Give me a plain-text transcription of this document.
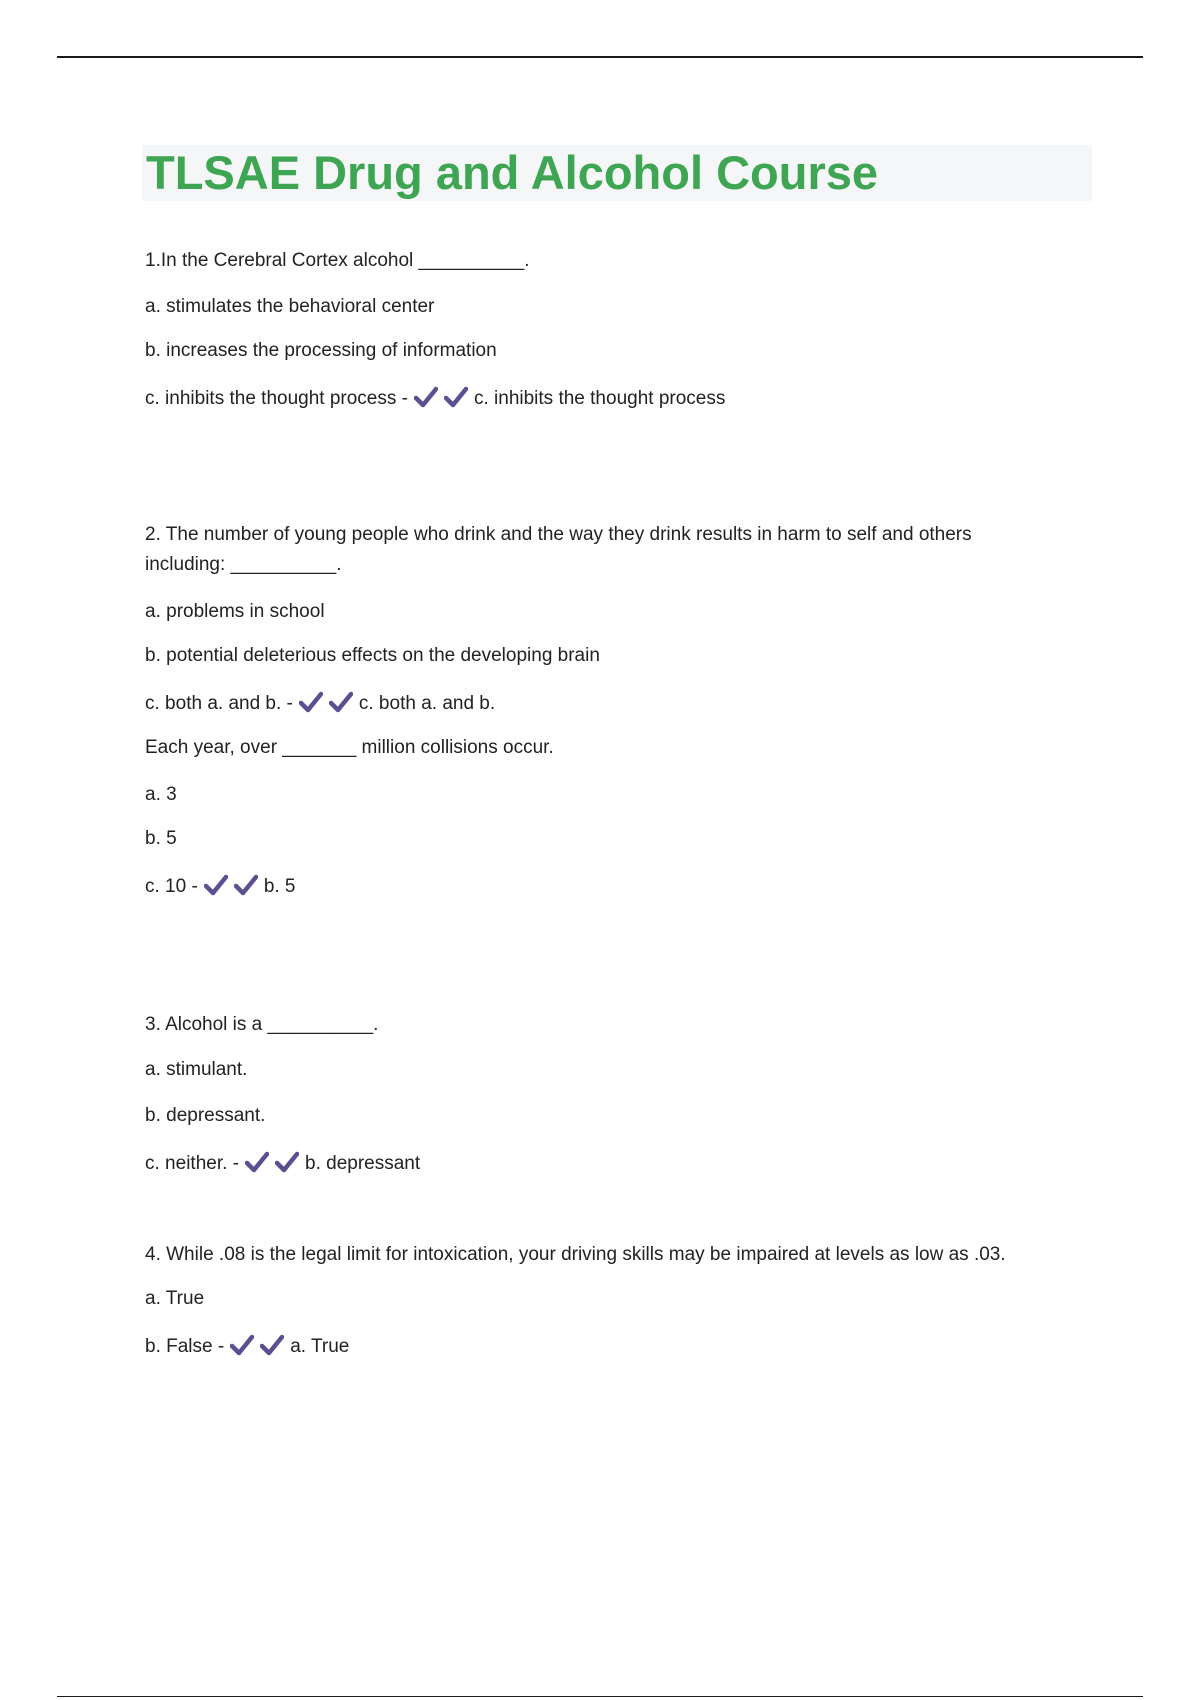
TLSAE Drug and Alcohol Course
1.In the Cerebral Cortex alcohol __________.
a. stimulates the behavioral center
b. increases the processing of information
c. inhibits the thought process -	c. inhibits the thought process
2. The number of young people who drink and the way they drink results in harm to self and others
including: __________.
a. problems in school
b. potential deleterious effects on the developing brain
c. both a. and b. -	c. both a. and b.
Each year, over _______ million collisions occur.
a. 3
b. 5
c. 10 -	b. 5
3. Alcohol is a __________.
a. stimulant.
b. depressant.
c. neither. -	b. depressant
4. While .08 is the legal limit for intoxication, your driving skills may be impaired at levels as low as .03.
a. True
b. False -	a. True
